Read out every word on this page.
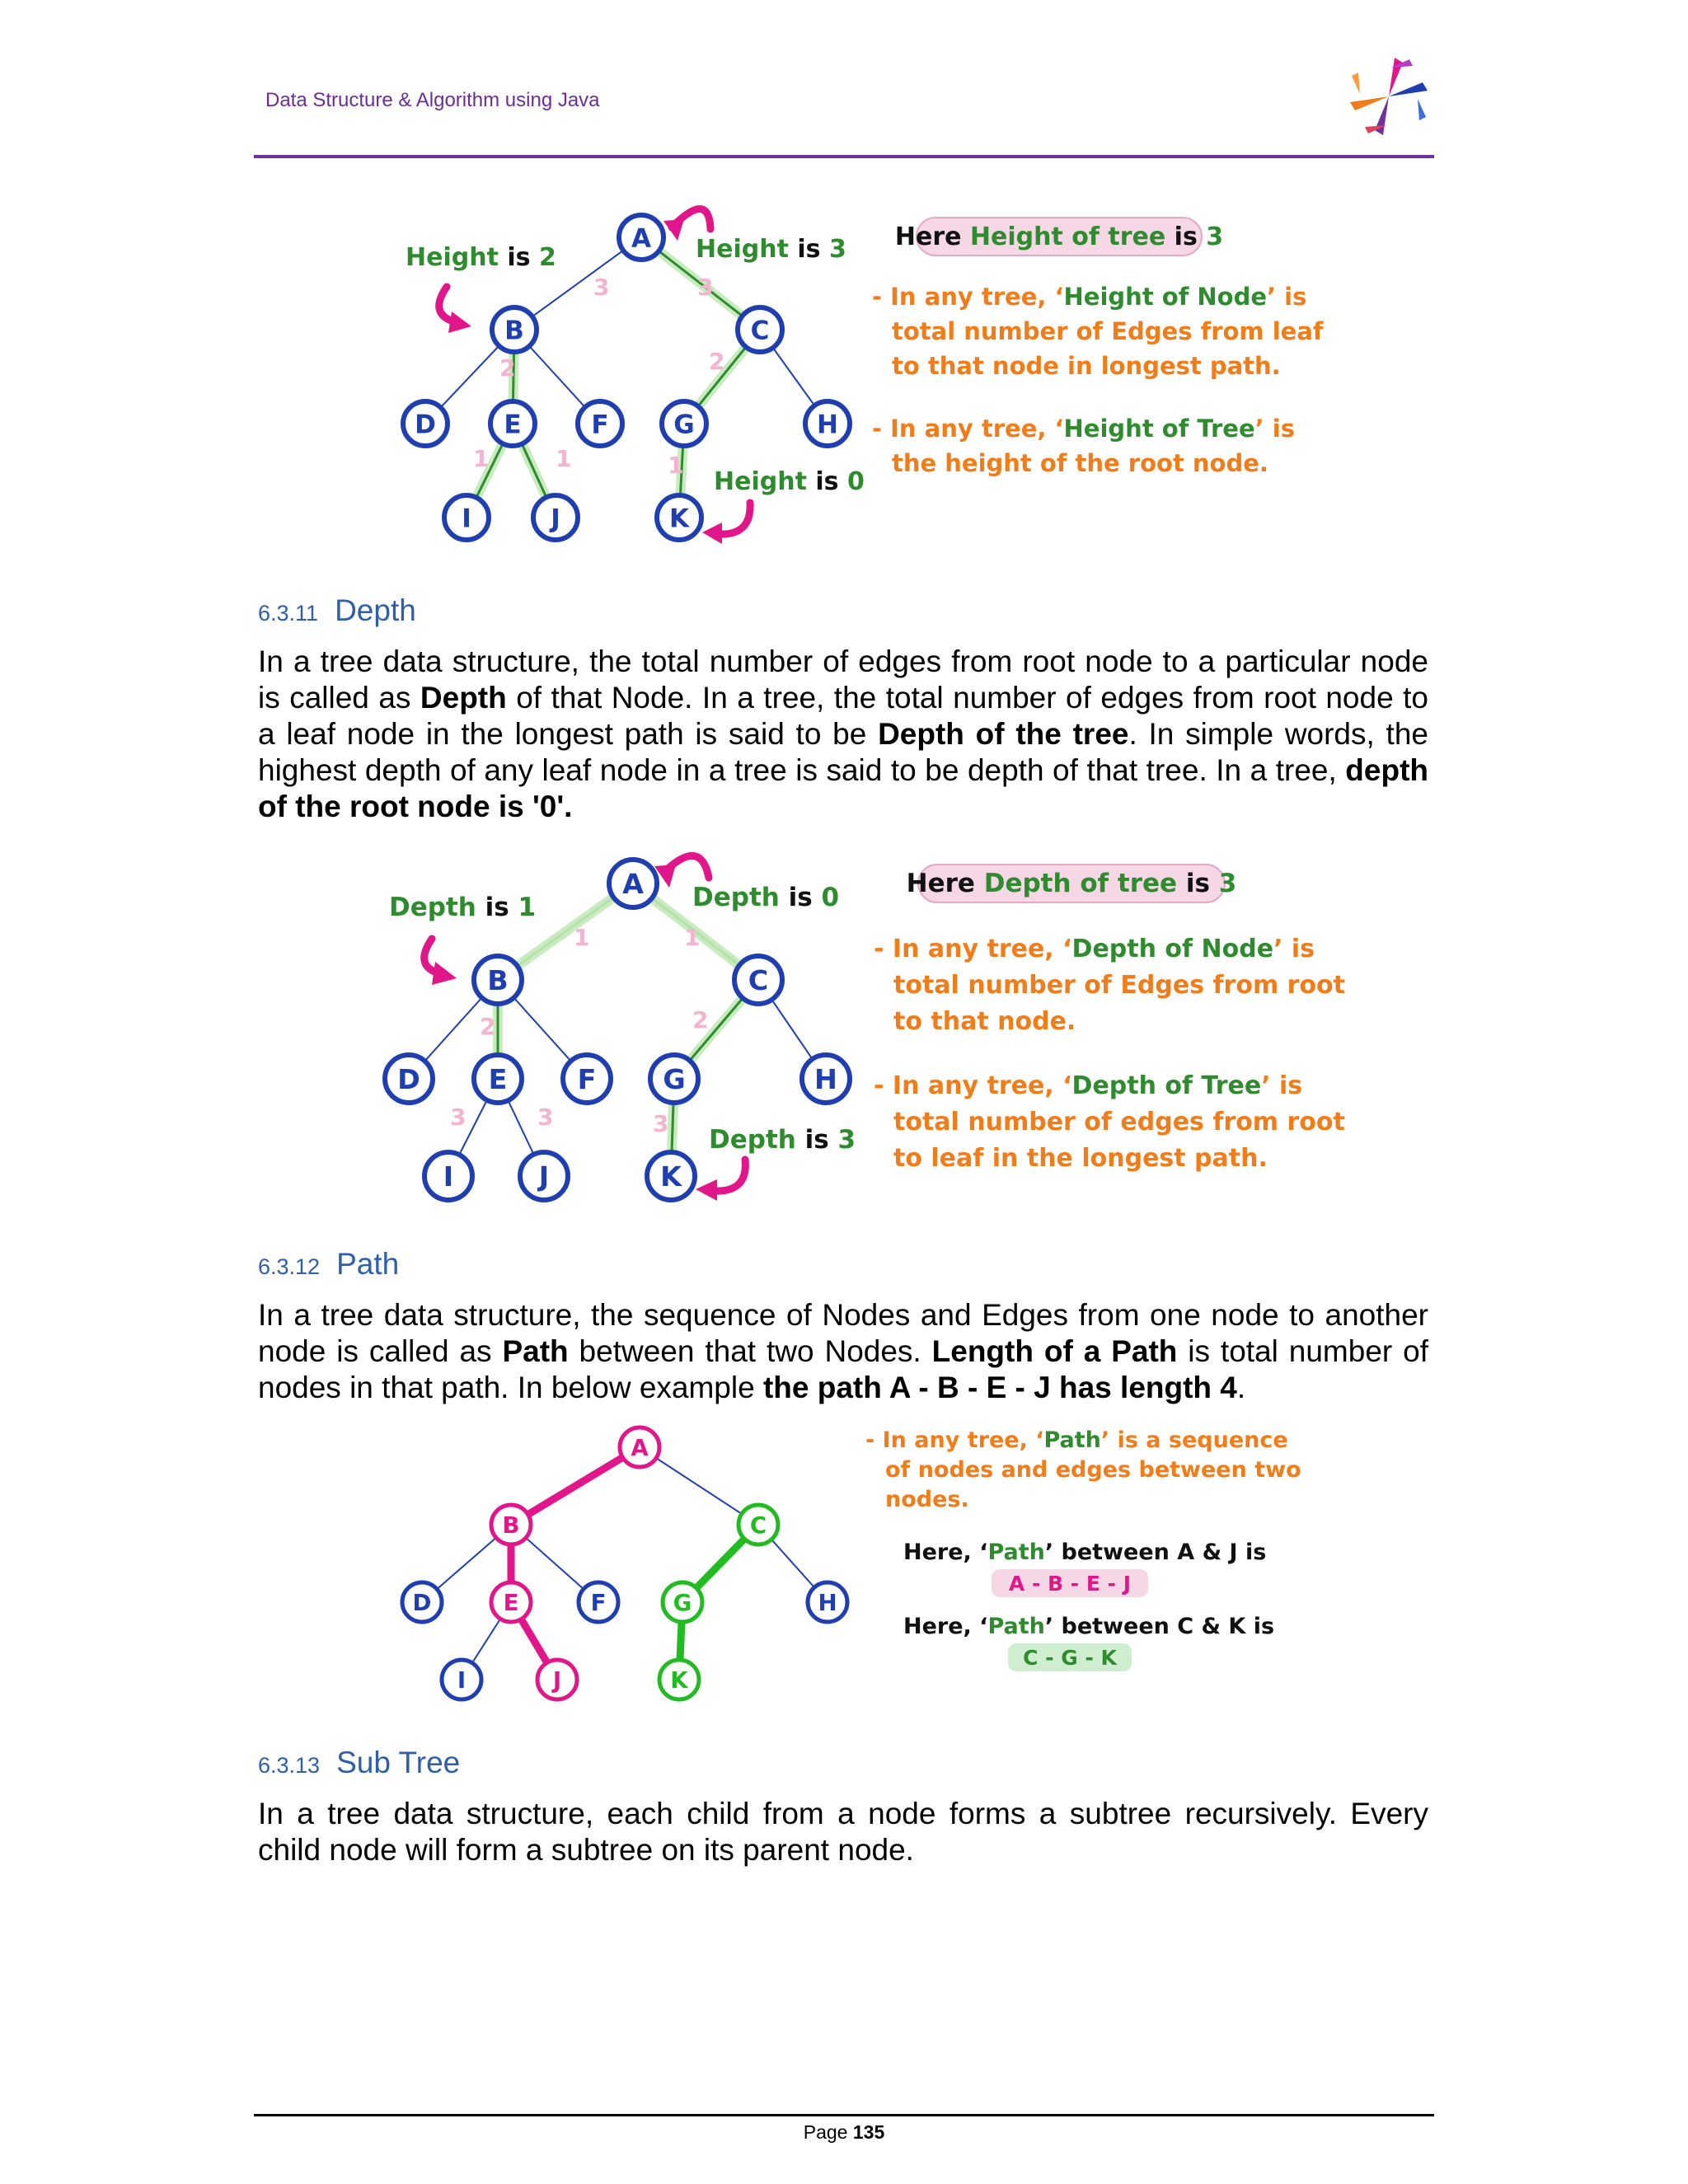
Data Structure & Algorithm using Java
A
B	C
D	E	F	G	H
I	J	K
3	3
2	2
1	1	1
Height is 2	Height is 3
Height is 0
Here Height of tree is 3
- In any tree, ‘Height of Node’ is
total number of Edges from leaf
to that node in longest path.
- In any tree, ‘Height of Tree’ is
the height of the root node.
6.3.11 Depth
In a tree data structure, the total number of edges from root node to a particular node is called as Depth of that Node. In a tree, the total number of edges from root node to a leaf node in the longest path is said to be Depth of the tree. In simple words, the highest depth of any leaf node in a tree is said to be depth of that tree. In a tree, depth of the root node is '0'.
A
B	C
D E	F G	H
I	J	K
1	1
2	2
3	3	3
Depth is 1	Depth is 0
Depth is 3
Here Depth of tree is 3
- In any tree, ‘Depth of Node’ is
total number of Edges from root
to that node.
- In any tree, ‘Depth of Tree’ is
total number of edges from root
to leaf in the longest path.
6.3.12 Path
In a tree data structure, the sequence of Nodes and Edges from one node to another node is called as Path between that two Nodes. Length of a Path is total number of nodes in that path. In below example the path A - B - E - J has length 4.
A
B	C
D	E	F	G	H
I	J	K
- In any tree, ‘Path’ is a sequence
of nodes and edges between two
nodes.
Here, ‘Path’ between A & J is
A - B - E - J
Here, ‘Path’ between C & K is
C - G - K
6.3.13 Sub Tree
In a tree data structure, each child from a node forms a subtree recursively. Every child node will form a subtree on its parent node.
Page 135
